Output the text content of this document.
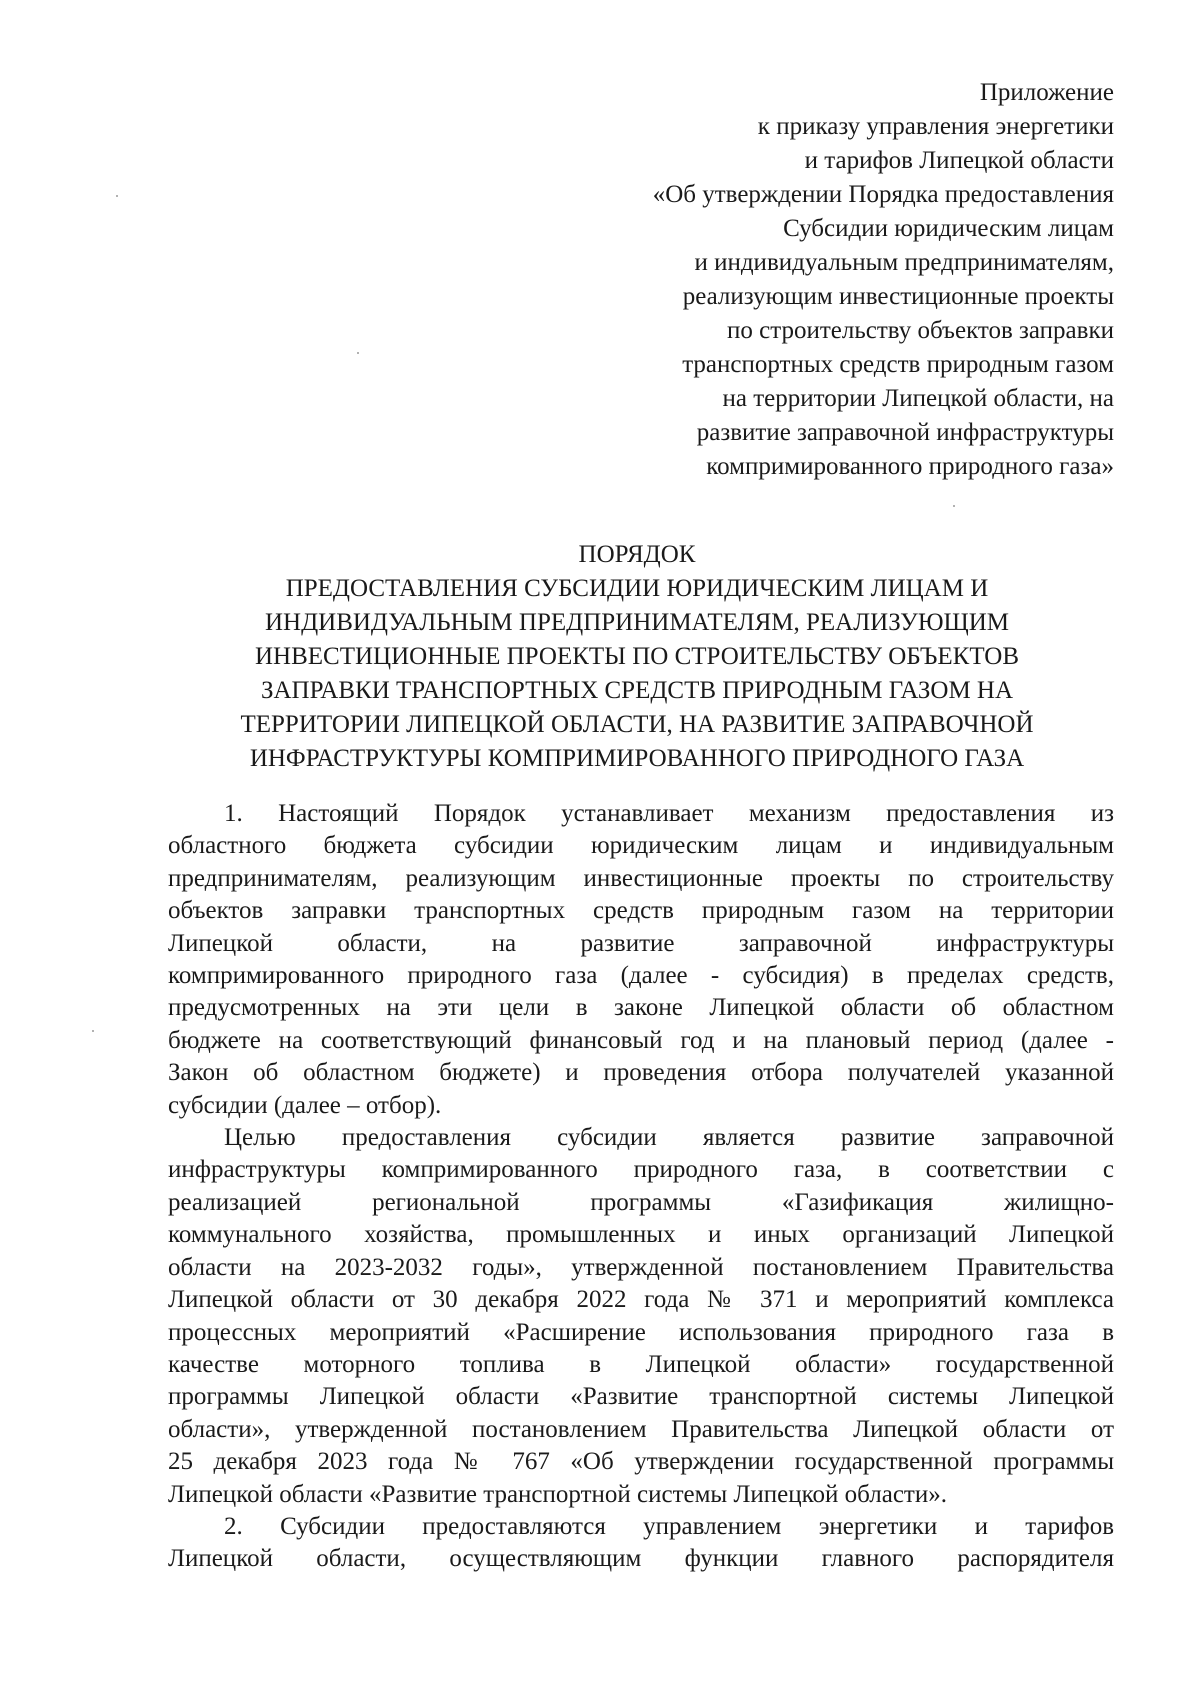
Приложение
к приказу управления энергетики
и тарифов Липецкой области
«Об утверждении Порядка предоставления
Субсидии юридическим лицам
и индивидуальным предпринимателям,
реализующим инвестиционные проекты
по строительству объектов заправки
транспортных средств природным газом
на территории Липецкой области, на
развитие заправочной инфраструктуры
компримированного природного газа»
ПОРЯДОК
ПРЕДОСТАВЛЕНИЯ СУБСИДИИ ЮРИДИЧЕСКИМ ЛИЦАМ И
ИНДИВИДУАЛЬНЫМ ПРЕДПРИНИМАТЕЛЯМ, РЕАЛИЗУЮЩИМ
ИНВЕСТИЦИОННЫЕ ПРОЕКТЫ ПО СТРОИТЕЛЬСТВУ ОБЪЕКТОВ
ЗАПРАВКИ ТРАНСПОРТНЫХ СРЕДСТВ ПРИРОДНЫМ ГАЗОМ НА
ТЕРРИТОРИИ ЛИПЕЦКОЙ ОБЛАСТИ, НА РАЗВИТИЕ ЗАПРАВОЧНОЙ
ИНФРАСТРУКТУРЫ КОМПРИМИРОВАННОГО ПРИРОДНОГО ГАЗА
1. Настоящий Порядок устанавливает механизм предоставления из
областного бюджета субсидии юридическим лицам и индивидуальным
предпринимателям, реализующим инвестиционные проекты по строительству
объектов заправки транспортных средств природным газом на территории
Липецкой области, на развитие заправочной инфраструктуры
компримированного природного газа (далее - субсидия) в пределах средств,
предусмотренных на эти цели в законе Липецкой области об областном
бюджете на соответствующий финансовый год и на плановый период (далее -
Закон об областном бюджете) и проведения отбора получателей указанной
субсидии (далее – отбор).
Целью предоставления субсидии является развитие заправочной
инфраструктуры компримированного природного газа, в соответствии с
реализацией региональной программы «Газификация жилищно-
коммунального хозяйства, промышленных и иных организаций Липецкой
области на 2023-2032 годы», утвержденной постановлением Правительства
Липецкой области от 30 декабря 2022 года № 371 и мероприятий комплекса
процессных мероприятий «Расширение использования природного газа в
качестве моторного топлива в Липецкой области» государственной
программы Липецкой области «Развитие транспортной системы Липецкой
области», утвержденной постановлением Правительства Липецкой области от
25 декабря 2023 года № 767 «Об утверждении государственной программы
Липецкой области «Развитие транспортной системы Липецкой области».
2. Субсидии предоставляются управлением энергетики и тарифов
Липецкой области, осуществляющим функции главного распорядителя
